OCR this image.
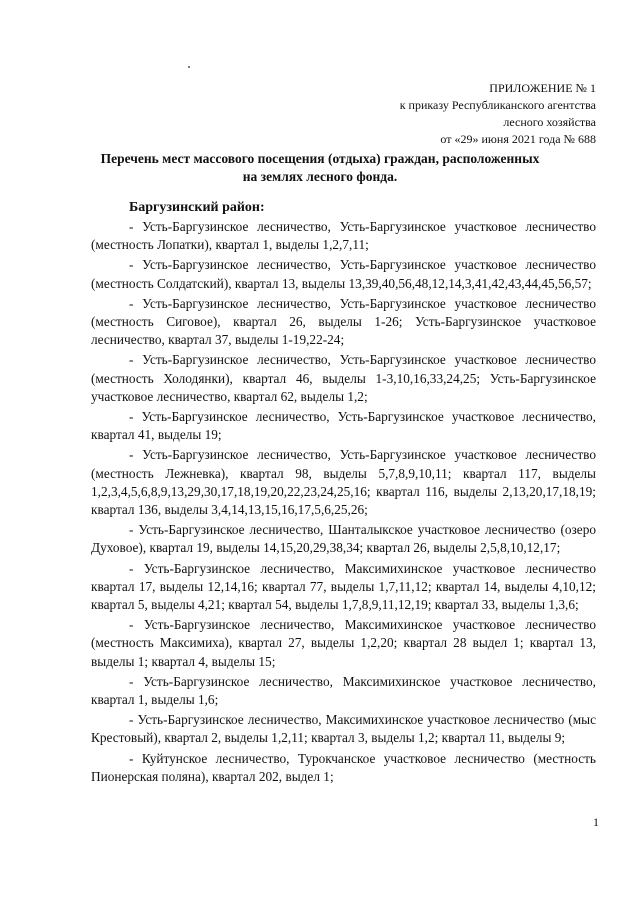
ПРИЛОЖЕНИЕ № 1
к приказу Республиканского агентства
лесного хозяйства
от «29» июня 2021 года № 688
Перечень мест массового посещения (отдыха) граждан, расположенных
на землях лесного фонда.
Баргузинский район:

- Усть-Баргузинское лесничество, Усть-Баргузинское участковое лесничество (местность Лопатки), квартал 1, выделы 1,2,7,11;

- Усть-Баргузинское лесничество, Усть-Баргузинское участковое лесничество (местность Солдатский), квартал 13, выделы 13,39,40,56,48,12,14,3,41,42,43,44,45,56,57;

- Усть-Баргузинское лесничество, Усть-Баргузинское участковое лесничество (местность Сиговое), квартал 26, выделы 1-26; Усть-Баргузинское участковое лесничество, квартал 37, выделы 1-19,22-24;

- Усть-Баргузинское лесничество, Усть-Баргузинское участковое лесничество (местность Холодянки), квартал 46, выделы 1-3,10,16,33,24,25; Усть-Баргузинское участковое лесничество, квартал 62, выделы 1,2;

- Усть-Баргузинское лесничество, Усть-Баргузинское участковое лесничество, квартал 41, выделы 19;

- Усть-Баргузинское лесничество, Усть-Баргузинское участковое лесничество (местность Лежневка), квартал 98, выделы 5,7,8,9,10,11; квартал 117, выделы 1,2,3,4,5,6,8,9,13,29,30,17,18,19,20,22,23,24,25,16; квартал 116, выделы 2,13,20,17,18,19; квартал 136, выделы 3,4,14,13,15,16,17,5,6,25,26;

- Усть-Баргузинское лесничество, Шанталыкское участковое лесничество (озеро Духовое), квартал 19, выделы 14,15,20,29,38,34; квартал 26, выделы 2,5,8,10,12,17;

- Усть-Баргузинское лесничество, Максимихинское участковое лесничество квартал 17, выделы 12,14,16; квартал 77, выделы 1,7,11,12; квартал 14, выделы 4,10,12; квартал 5, выделы 4,21; квартал 54, выделы 1,7,8,9,11,12,19; квартал 33, выделы 1,3,6;

- Усть-Баргузинское лесничество, Максимихинское участковое лесничество (местность Максимиха), квартал 27, выделы 1,2,20; квартал 28 выдел 1; квартал 13, выделы 1; квартал 4, выделы 15;

- Усть-Баргузинское лесничество, Максимихинское участковое лесничество, квартал 1, выделы 1,6;

- Усть-Баргузинское лесничество, Максимихинское участковое лесничество (мыс Крестовый), квартал 2, выделы 1,2,11; квартал 3, выделы 1,2; квартал 11, выделы 9;

- Куйтунское лесничество, Турокчанское участковое лесничество (местность Пионерская поляна), квартал 202, выдел 1;

1
